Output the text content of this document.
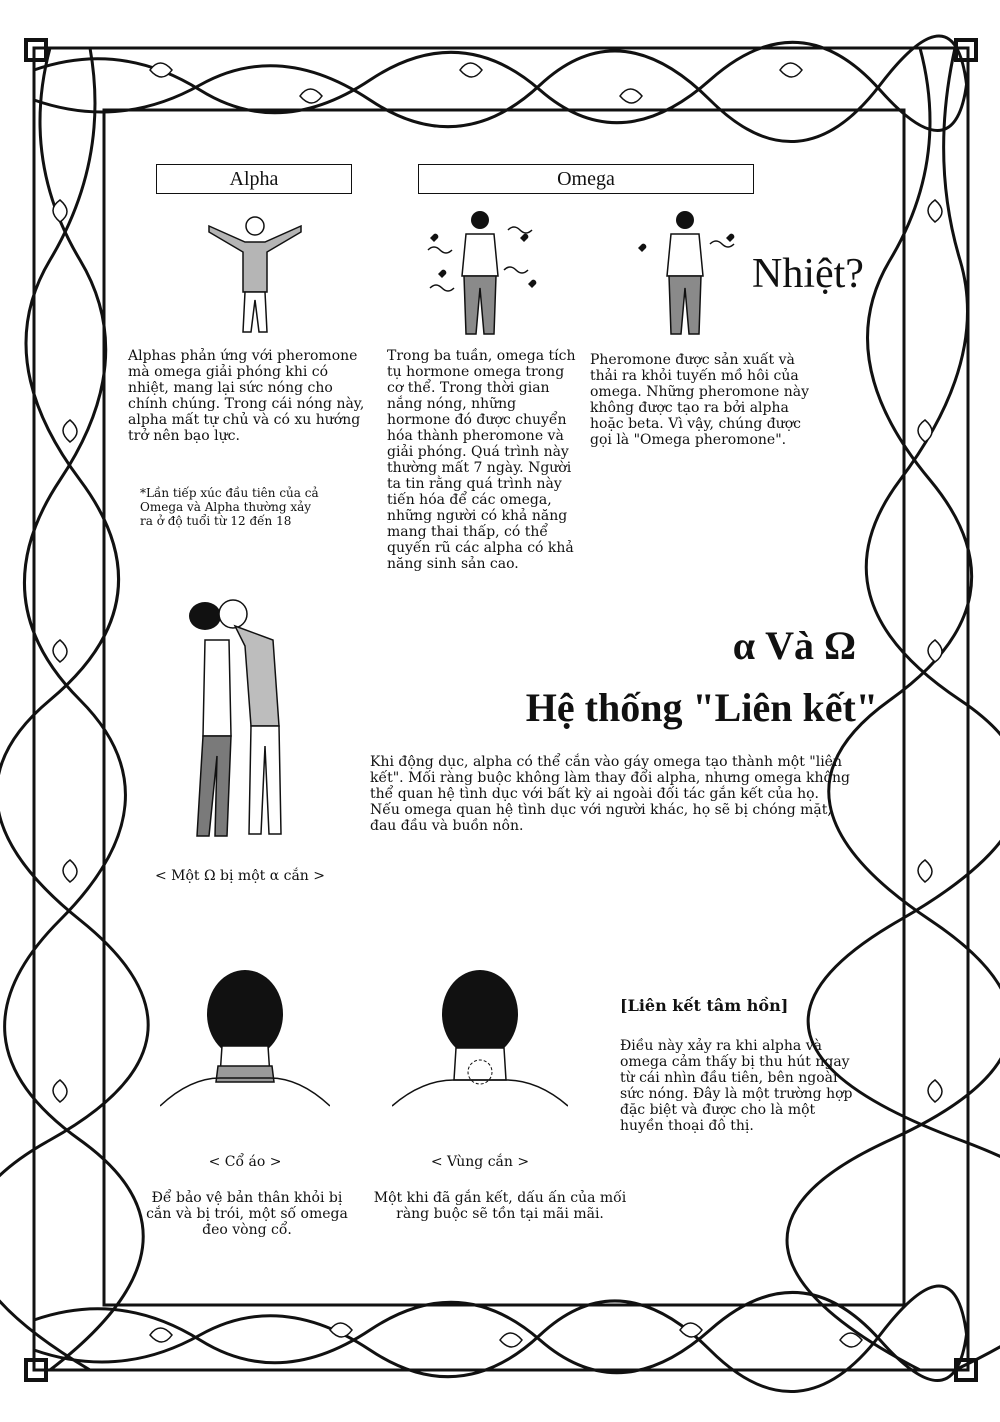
Alpha	Omega
Nhiệt?
Alphas phản ứng với pheromone mà omega giải phóng khi có nhiệt, mang lại sức nóng cho chính chúng. Trong cái nóng này, alpha mất tự chủ và có xu hướng trở nên bạo lực.
Trong ba tuần, omega tích tụ hormone omega trong cơ thể. Trong thời gian nắng nóng, những hormone đó được chuyển hóa thành pheromone và giải phóng. Quá trình này thường mất 7 ngày. Người ta tin rằng quá trình này tiến hóa để các omega, những người có khả năng mang thai thấp, có thể quyến rũ các alpha có khả năng sinh sản cao.
Pheromone được sản xuất và thải ra khỏi tuyến mồ hôi của omega. Những pheromone này không được tạo ra bởi alpha hoặc beta. Vì vậy, chúng được gọi là "Omega pheromone".
*Lần tiếp xúc đầu tiên của cả Omega và Alpha thường xảy ra ở độ tuổi từ 12 đến 18
α Và Ω
Hệ thống "Liên kết"
Khi động dục, alpha có thể cắn vào gáy omega tạo thành một "liên kết". Mối ràng buộc không làm thay đổi alpha, nhưng omega không thể quan hệ tình dục với bất kỳ ai ngoài đối tác gắn kết của họ. Nếu omega quan hệ tình dục với người khác, họ sẽ bị chóng mặt, đau đầu và buồn nôn.
< Một Ω bị một α cắn >
[Liên kết tâm hồn]
Điều này xảy ra khi alpha và omega cảm thấy bị thu hút ngay từ cái nhìn đầu tiên, bên ngoài sức nóng. Đây là một trường hợp đặc biệt và được cho là một huyền thoại đô thị.
< Cổ áo >
Để bảo vệ bản thân khỏi bị cắn và bị trói, một số omega đeo vòng cổ.
< Vùng cắn >
Một khi đã gắn kết, dấu ấn của mối ràng buộc sẽ tồn tại mãi mãi.
